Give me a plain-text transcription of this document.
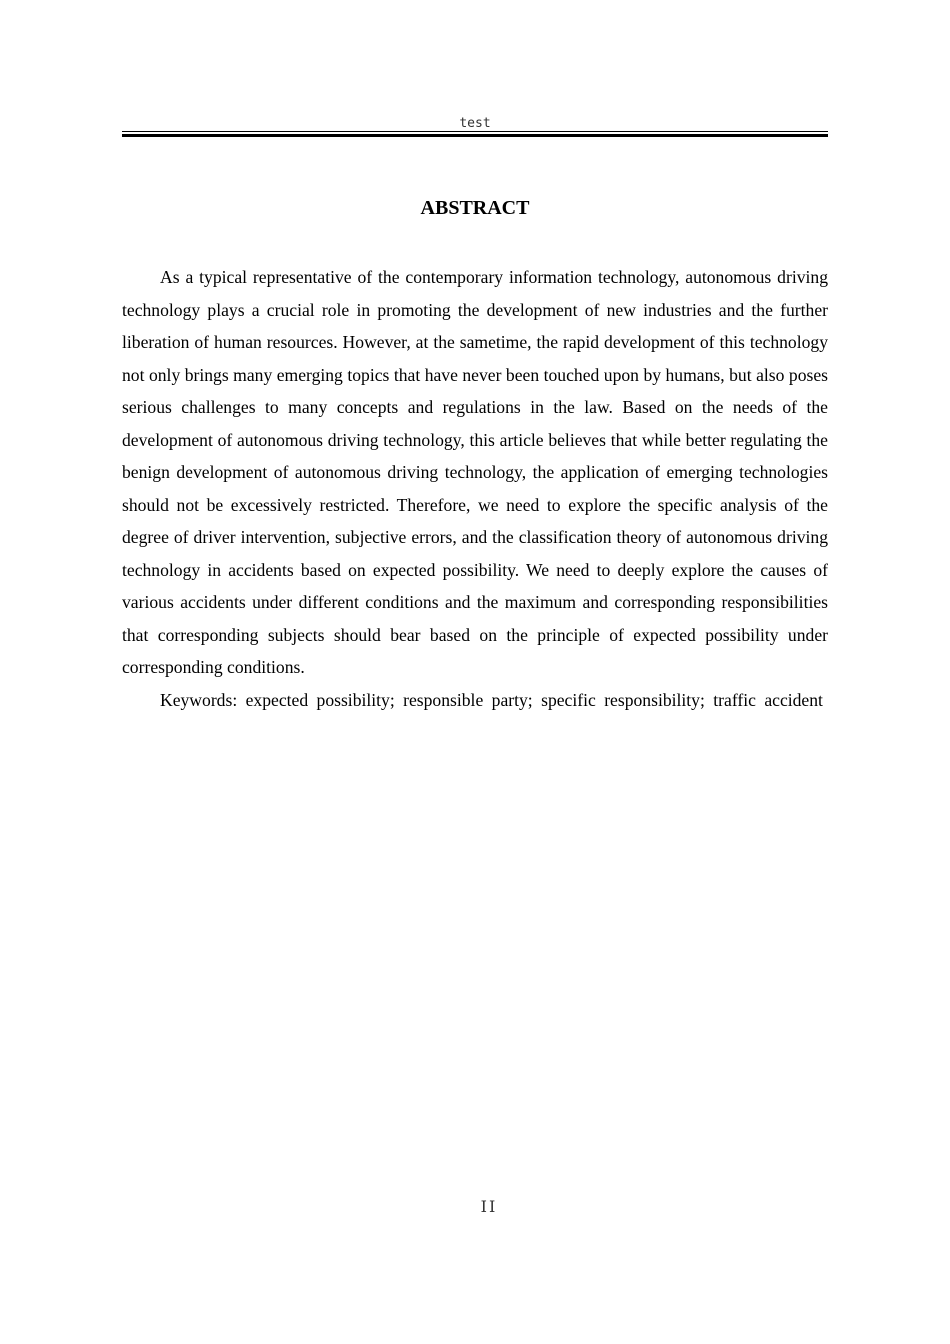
test
ABSTRACT

As a typical representative of the contemporary information technology, autonomous driving technology plays a crucial role in promoting the development of new industries and the further liberation of human resources. However, at the sametime, the rapid development of this technology not only brings many emerging topics that have never been touched upon by humans, but also poses serious challenges to many concepts and regulations in the law. Based on the needs of the development of autonomous driving technology, this article believes that while better regulating the benign development of autonomous driving technology, the application of emerging technologies should not be excessively restricted. Therefore, we need to explore the specific analysis of the degree of driver intervention, subjective errors, and the classification theory of autonomous driving technology in accidents based on expected possibility. We need to deeply explore the causes of various accidents under different conditions and the maximum and corresponding responsibilities that corresponding subjects should bear based on the principle of expected possibility under corresponding conditions.

Keywords: expected possibility; responsible party; specific responsibility; traffic accident

II
